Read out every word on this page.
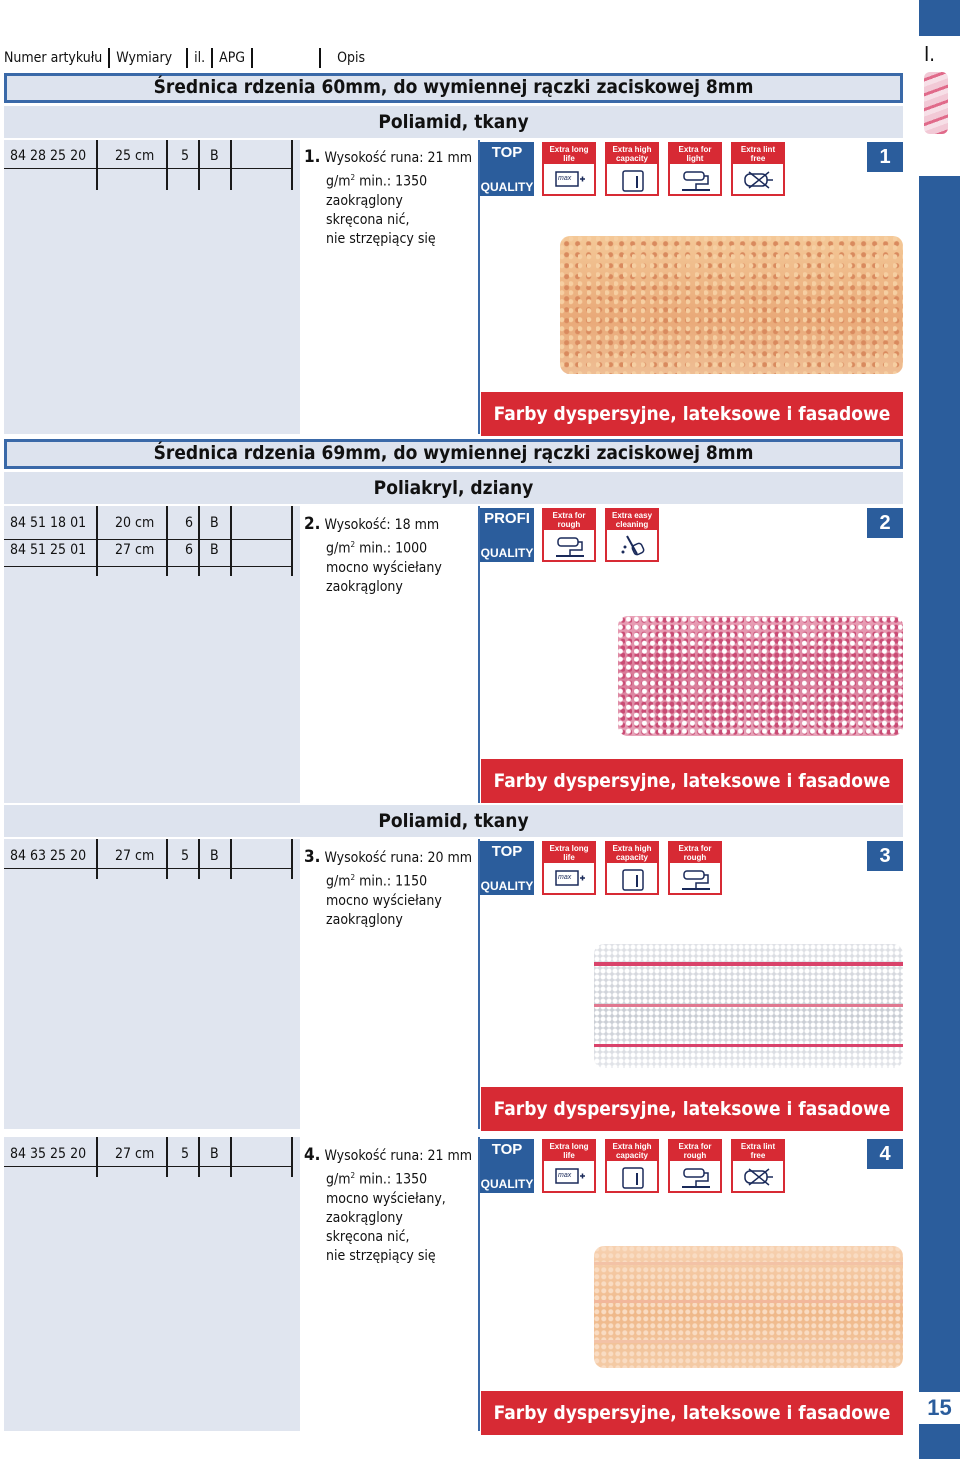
I.
Numer artykułu Wymiary il. APG	Opis
Średnica rdzenia 60mm, do wymiennej rączki zaciskowej 8mm
Poliamid, tkany
84 28 25 20 25 cm 5 B	1. Wysokość runa: 21 mm
$g/m^2$ min.: 1350
zaokrąglony
skręcona nić,
nie strzępiący się
TOP
QUALITY
Extra long life
max
Extra high capacity
Extra for light structured surfaces
Extra lint free	1
Farby dyspersyjne, lateksowe i fasadowe
Średnica rdzenia 69mm, do wymiennej rączki zaciskowej 8mm
Poliakryl, dziany
84 51 18 01 20 cm 6 B
84 51 25 01 27 cm 6 B
2. Wysokość: 18 mm
$g/m^2$ min.: 1000
mocno wyściełany
zaokrąglony
PROFI
QUALITY
Extra for rough surfaces
Extra easy cleaning	2
Farby dyspersyjne, lateksowe i fasadowe
Poliamid, tkany
84 63 25 20 27 cm 5 B	3. Wysokość runa: 20 mm
$g/m^2$ min.: 1150
mocno wyściełany
zaokrąglony
TOP
QUALITY
Extra long life
max
Extra high capacity
Extra for rough surfaces	3
Farby dyspersyjne, lateksowe i fasadowe
84 35 25 20 27 cm 5 B	4. Wysokość runa: 21 mm
$g/m^2$ min.: 1350
mocno wyściełany,
zaokrąglony
skręcona nić,
nie strzępiący się
TOP
QUALITY
Extra long life
max
Extra high capacity
Extra for rough surfaces
Extra lint free	4
Farby dyspersyjne, lateksowe i fasadowe	15
